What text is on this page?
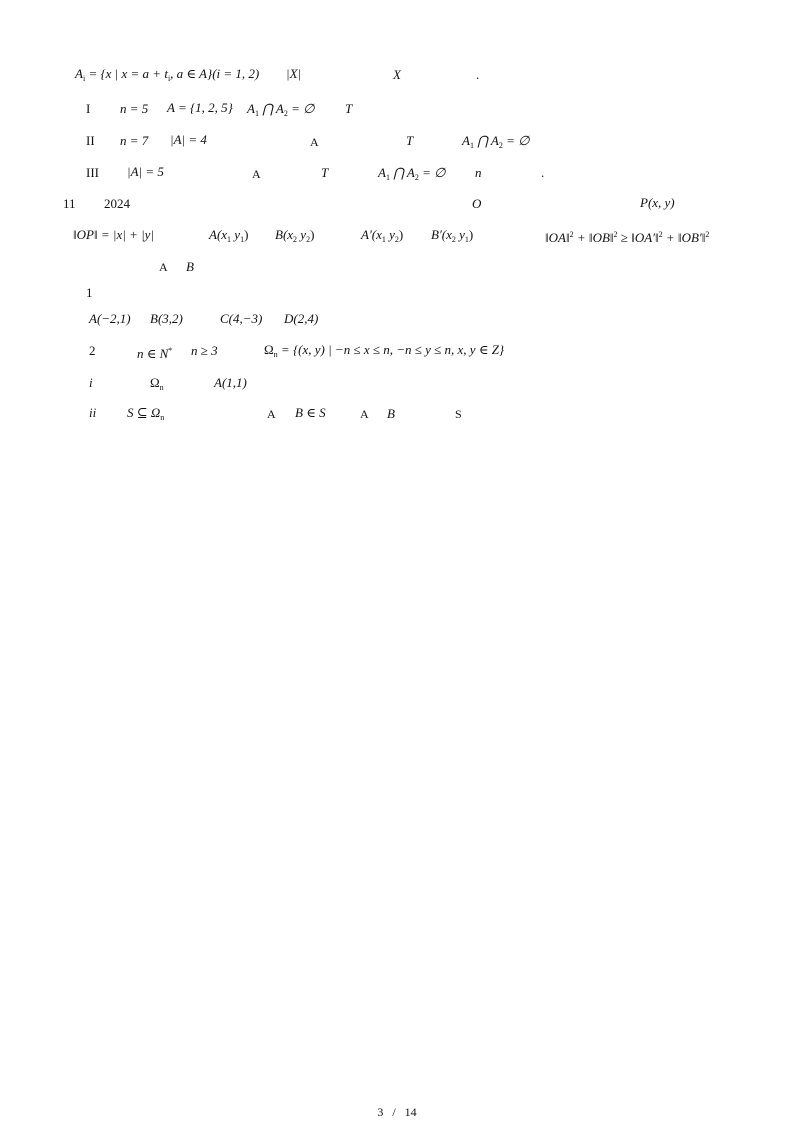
$A_i = \{x$ | $x = a + t_i$, a ∈ A}(i = 1, 2) |X|	X	.
I n = 5 A = {1, 2, 5} $A_1$ ⋂ $A_2$ = ∅ T
II n = 7 |A| = 4	A	T	$A_1$ ⋂ $A_2$ = ∅
III |A| = 5	A	T	$A_1$ ⋂ $A_2$ = ∅ n	.
11 2024	O	P(x, y)
‖OP‖ = |x| + |y|	$A(x_1$ $y_1$) $B(x_2$ $y_2$)	$A'(x_1$ $y_2$) $B'(x_2$ $y_1$)	‖OA‖$^2$ + ‖OB‖$^2$ ≥ ‖OA′‖$^2$ + ‖OB′‖$^2$
A B
1
A(−2,1) B(3,2)	C(4,−3) D(2,4)
2	n ∈ N* n ≥ 3	$\Omega_n = \{(x$, y) | −n ≤ x ≤ n, −n ≤ y ≤ n, x, y ∈ Z}
i	$\Omega_n$	A(1,1)
ii S ⊆ $\Omega_n$	A B ∈ S	A B	S
3 / 14
